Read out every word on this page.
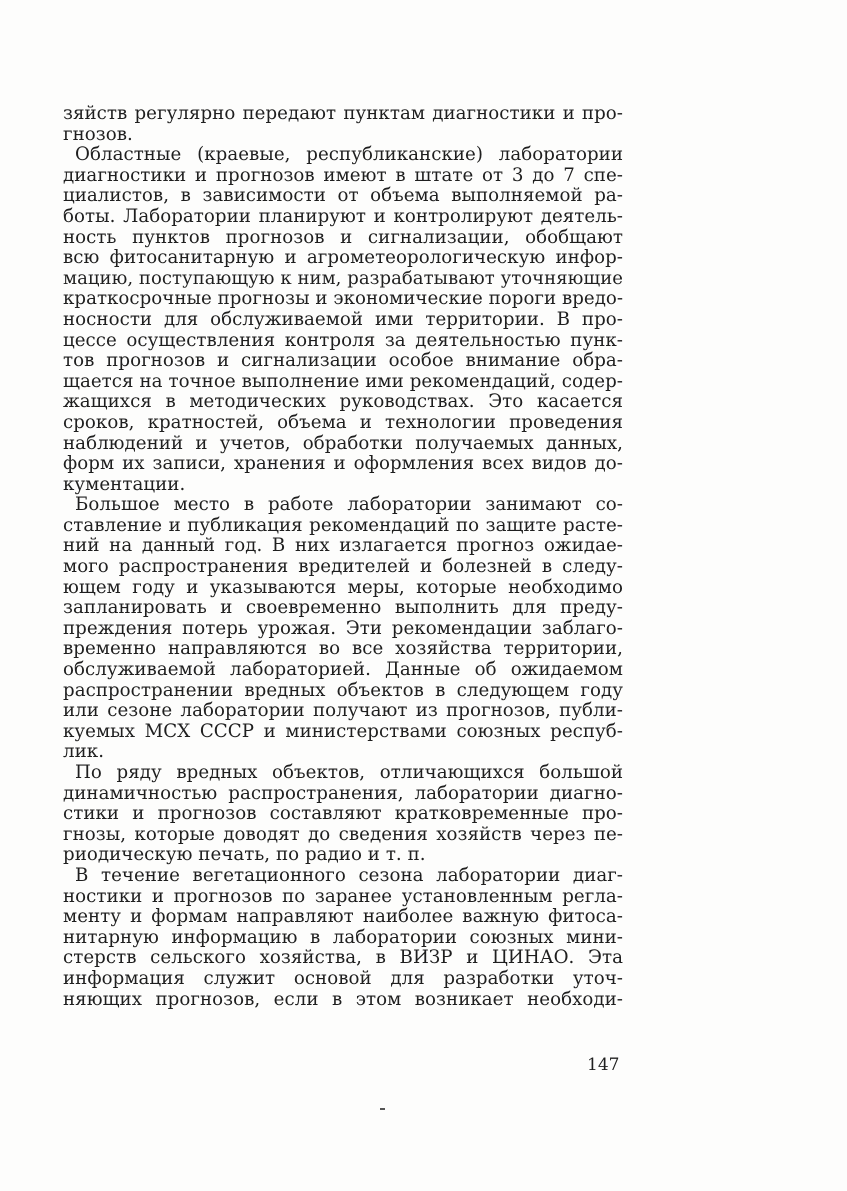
зяйств регулярно передают пунктам диагностики и про-
гнозов.
Областные (краевые, республиканские) лаборатории
диагностики и прогнозов имеют в штате от 3 до 7 спе-
циалистов, в зависимости от объема выполняемой ра-
боты. Лаборатории планируют и контролируют деятель-
ность пунктов прогнозов и сигнализации, обобщают
всю фитосанитарную и агрометеорологическую инфор-
мацию, поступающую к ним, разрабатывают уточняющие
краткосрочные прогнозы и экономические пороги вредо-
носности для обслуживаемой ими территории. В про-
цессе осуществления контроля за деятельностью пунк-
тов прогнозов и сигнализации особое внимание обра-
щается на точное выполнение ими рекомендаций, содер-
жащихся в методических руководствах. Это касается
сроков, кратностей, объема и технологии проведения
наблюдений и учетов, обработки получаемых данных,
форм их записи, хранения и оформления всех видов до-
кументации.
Большое место в работе лаборатории занимают со-
ставление и публикация рекомендаций по защите расте-
ний на данный год. В них излагается прогноз ожидае-
мого распространения вредителей и болезней в следу-
ющем году и указываются меры, которые необходимо
запланировать и своевременно выполнить для преду-
преждения потерь урожая. Эти рекомендации заблаго-
временно направляются во все хозяйства территории,
обслуживаемой лабораторией. Данные об ожидаемом
распространении вредных объектов в следующем году
или сезоне лаборатории получают из прогнозов, публи-
куемых МСХ СССР и министерствами союзных респуб-
лик.
По ряду вредных объектов, отличающихся большой
динамичностью распространения, лаборатории диагно-
стики и прогнозов составляют кратковременные про-
гнозы, которые доводят до сведения хозяйств через пе-
риодическую печать, по радио и т. п.
В течение вегетационного сезона лаборатории диаг-
ностики и прогнозов по заранее установленным регла-
менту и формам направляют наиболее важную фитоса-
нитарную информацию в лаборатории союзных мини-
стерств сельского хозяйства, в ВИЗР и ЦИНАО. Эта
информация служит основой для разработки уточ-
няющих прогнозов, если в этом возникает необходи-
147
